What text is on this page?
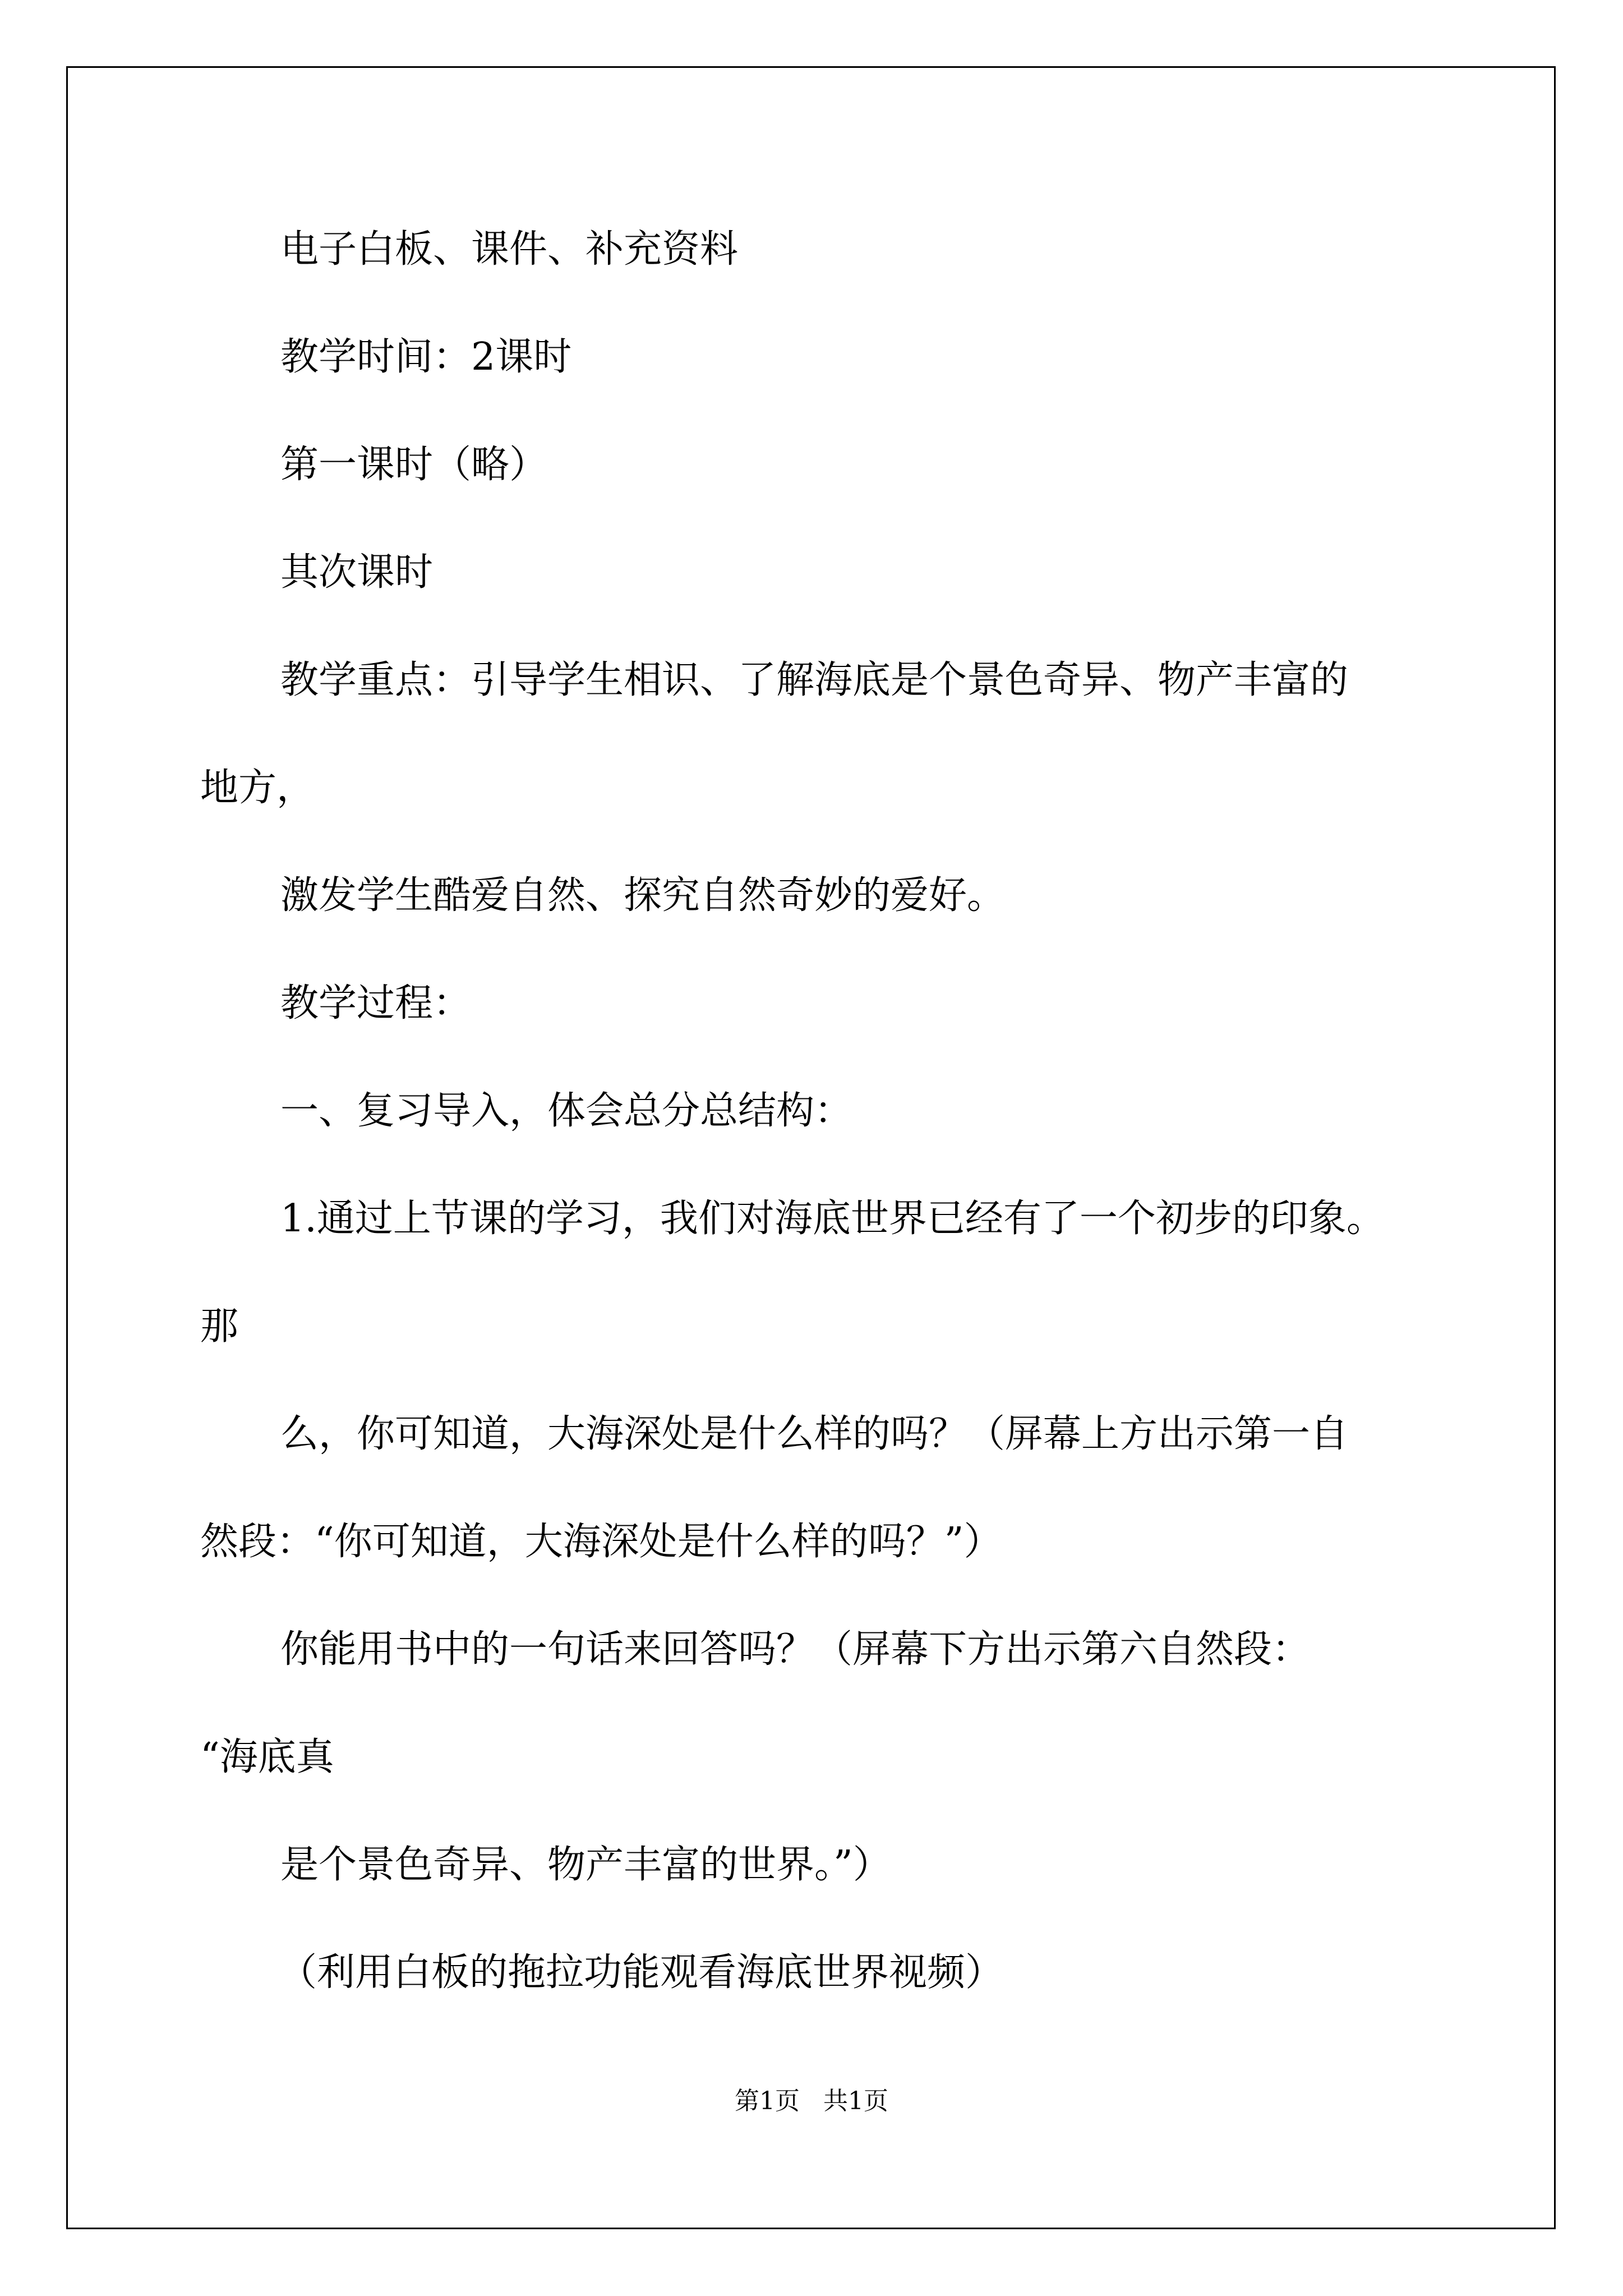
电子白板、课件、补充资料

教学时间：2课时

第一课时（略）

其次课时

教学重点：引导学生相识、了解海底是个景色奇异、物产丰富的

地方，

激发学生酷爱自然、探究自然奇妙的爱好。

教学过程：

一、复习导入，体会总分总结构：

1.通过上节课的学习，我们对海底世界已经有了一个初步的印象。

那

么，你可知道，大海深处是什么样的吗？（屏幕上方出示第一自

然段：“你可知道，大海深处是什么样的吗？”）

你能用书中的一句话来回答吗？（屏幕下方出示第六自然段：

“海底真

是个景色奇异、物产丰富的世界。”）

（利用白板的拖拉功能观看海底世界视频）

第1页   共1页
